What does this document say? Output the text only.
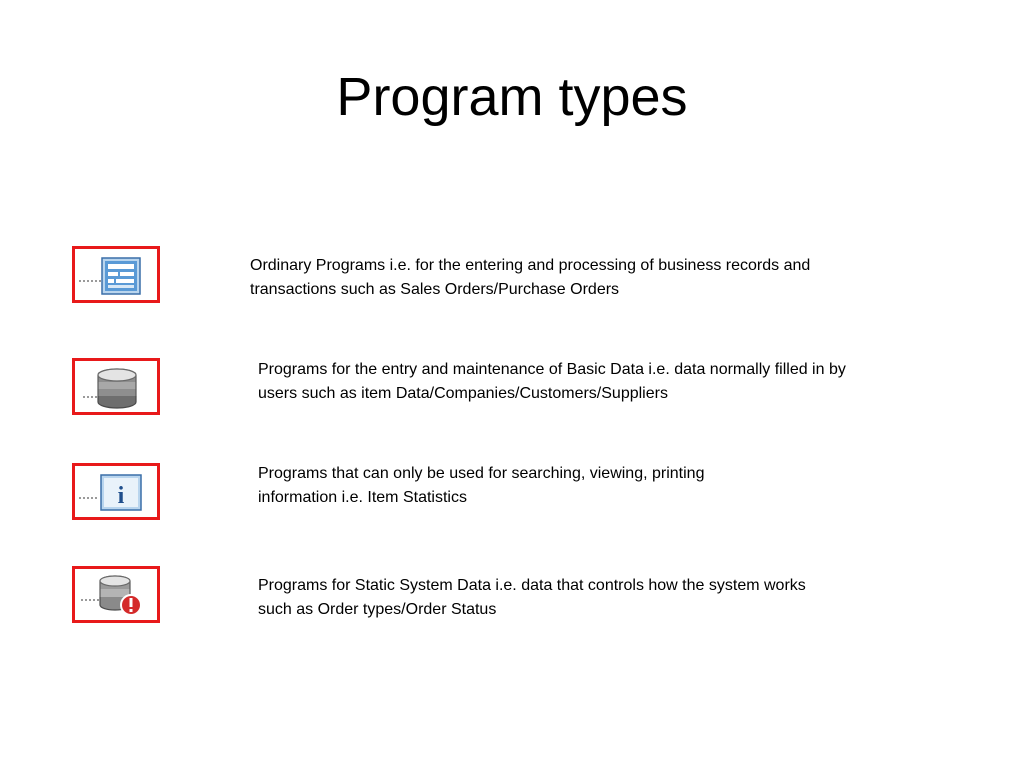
Program types

Ordinary Programs i.e. for the entering and processing of business records and
transactions such as Sales Orders/Purchase Orders

Programs for the entry and maintenance of Basic Data i.e. data normally filled in by
users such as item Data/Companies/Customers/Suppliers

i

Programs that can only be used for searching, viewing, printing
information i.e. Item Statistics

Programs for Static System Data i.e. data that controls how the system works
such as Order types/Order Status
